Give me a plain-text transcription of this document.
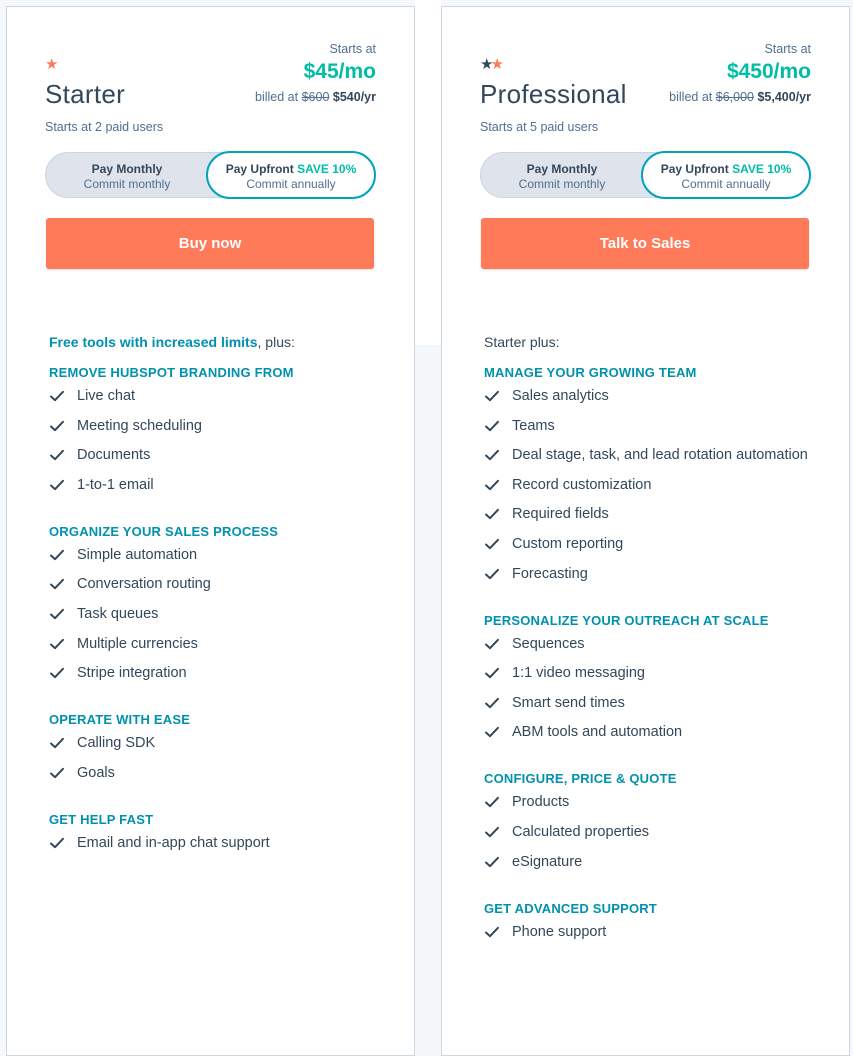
★
Starter
Starts at
$45/mo
billed at $600 $540/yr
Starts at 2 paid users
Pay Monthly
Commit monthly
Pay Upfront SAVE 10%
Commit annually
Buy now

Free tools with increased limits, plus:

REMOVE HUBSPOT BRANDING FROM
Live chat
Meeting scheduling
Documents
1-to-1 email
ORGANIZE YOUR SALES PROCESS
Simple automation
Conversation routing
Task queues
Multiple currencies
Stripe integration
OPERATE WITH EASE
Calling SDK
Goals
GET HELP FAST
Email and in-app chat support
★
★
Professional
Starts at
$450/mo
billed at $6,000 $5,400/yr
Starts at 5 paid users
Pay Monthly
Commit monthly
Pay Upfront SAVE 10%
Commit annually
Talk to Sales

Starter plus:

MANAGE YOUR GROWING TEAM
Sales analytics
Teams
Deal stage, task, and lead rotation automation
Record customization
Required fields
Custom reporting
Forecasting
PERSONALIZE YOUR OUTREACH AT SCALE
Sequences
1:1 video messaging
Smart send times
ABM tools and automation
CONFIGURE, PRICE & QUOTE
Products
Calculated properties
eSignature
GET ADVANCED SUPPORT
Phone support
